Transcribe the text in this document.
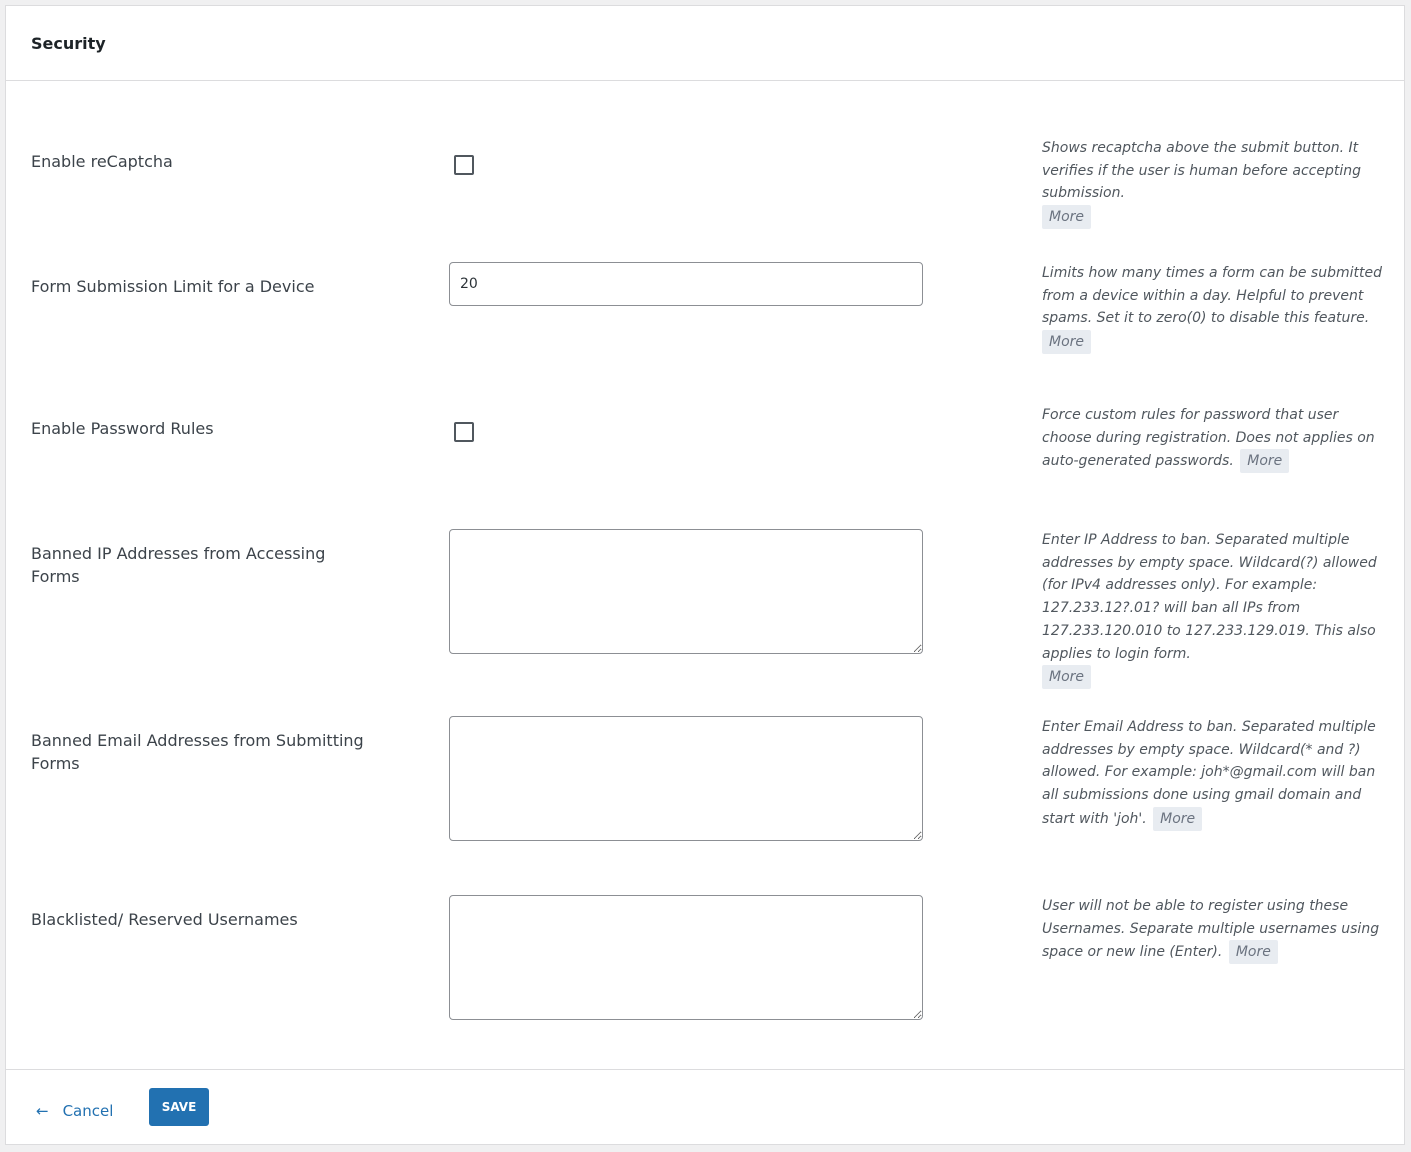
Security
Enable reCaptcha
Shows recaptcha above the submit button. It verifies if the user is human before accepting submission.
More
Form Submission Limit for a Device
20
Limits how many times a form can be submitted from a device within a day. Helpful to prevent spams. Set it to zero(0) to disable this feature.
More
Enable Password Rules
Force custom rules for password that user choose during registration. Does not applies on auto-generated passwords. More
Banned IP Addresses from Accessing Forms
Enter IP Address to ban. Separated multiple addresses by empty space. Wildcard(?) allowed (for IPv4 addresses only). For example: 127.233.12?.01? will ban all IPs from 127.233.120.010 to 127.233.129.019. This also applies to login form.
More
Banned Email Addresses from Submitting Forms
Enter Email Address to ban. Separated multiple addresses by empty space. Wildcard(* and ?) allowed. For example: joh*@gmail.com will ban all submissions done using gmail domain and start with 'joh'. More
Blacklisted/ Reserved Usernames
User will not be able to register using these Usernames. Separate multiple usernames using space or new line (Enter). More
← Cancel	SAVE
